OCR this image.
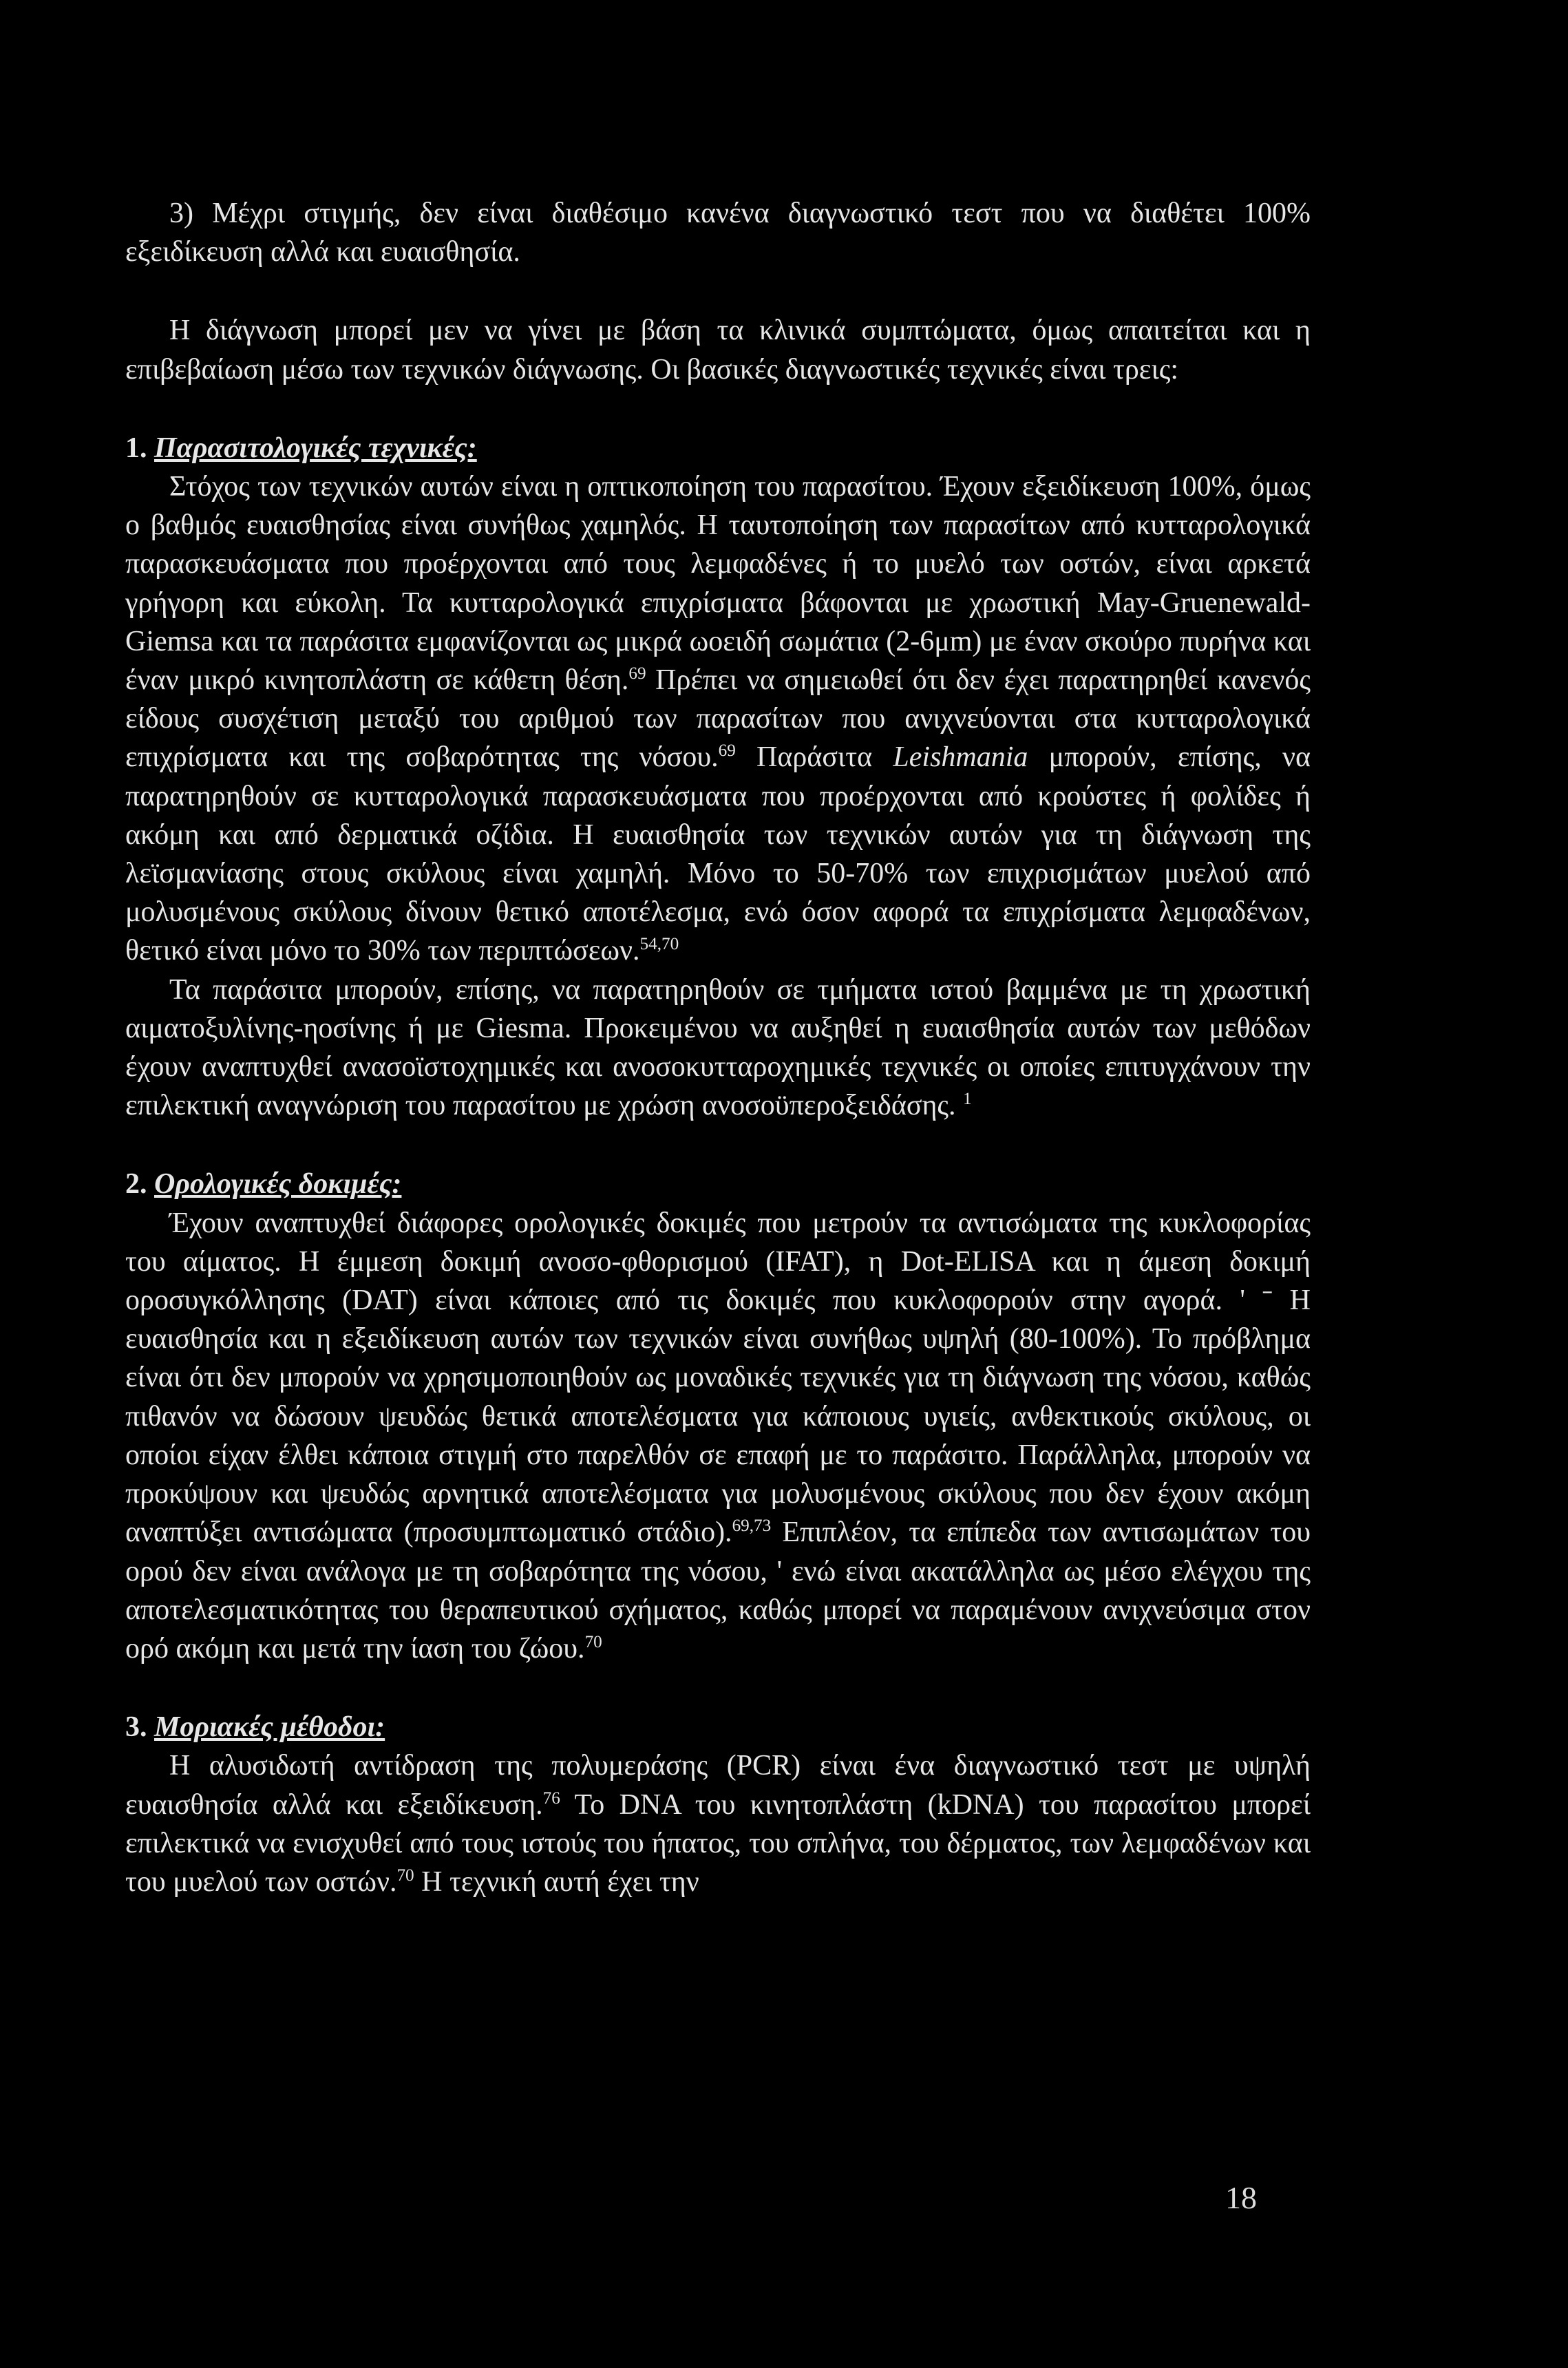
3) Μέχρι στιγμής, δεν είναι διαθέσιμο κανένα διαγνωστικό τεστ που να διαθέτει 100% εξειδίκευση αλλά και ευαισθησία.

Η διάγνωση μπορεί μεν να γίνει με βάση τα κλινικά συμπτώματα, όμως απαιτείται και η επιβεβαίωση μέσω των τεχνικών διάγνωσης. Οι βασικές διαγνωστικές τεχνικές είναι τρεις:

1. Παρασιτολογικές τεχνικές:

Στόχος των τεχνικών αυτών είναι η οπτικοποίηση του παρασίτου. Έχουν εξειδίκευση 100%, όμως ο βαθμός ευαισθησίας είναι συνήθως χαμηλός. Η ταυτοποίηση των παρασίτων από κυτταρολογικά παρασκευάσματα που προέρχονται από τους λεμφαδένες ή το μυελό των οστών, είναι αρκετά γρήγορη και εύκολη. Τα κυτταρολογικά επιχρίσματα βάφονται με χρωστική May-Gruenewald-Giemsa και τα παράσιτα εμφανίζονται ως μικρά ωοειδή σωμάτια (2-6μm) με έναν σκούρο πυρήνα και έναν μικρό κινητοπλάστη σε κάθετη θέση.$^{69}$ Πρέπει να σημειωθεί ότι δεν έχει παρατηρηθεί κανενός είδους συσχέτιση μεταξύ του αριθμού των παρασίτων που ανιχνεύονται στα κυτταρολογικά επιχρίσματα και της σοβαρότητας της νόσου.$^{69}$ Παράσιτα Leishmania μπορούν, επίσης, να παρατηρηθούν σε κυτταρολογικά παρασκευάσματα που προέρχονται από κρούστες ή φολίδες ή ακόμη και από δερματικά οζίδια. Η ευαισθησία των τεχνικών αυτών για τη διάγνωση της λεϊσμανίασης στους σκύλους είναι χαμηλή. Μόνο το 50-70% των επιχρισμάτων μυελού από μολυσμένους σκύλους δίνουν θετικό αποτέλεσμα, ενώ όσον αφορά τα επιχρίσματα λεμφαδένων, θετικό είναι μόνο το 30% των περιπτώσεων.$^{54,70}$

Τα παράσιτα μπορούν, επίσης, να παρατηρηθούν σε τμήματα ιστού βαμμένα με τη χρωστική αιματοξυλίνης-ηοσίνης ή με Giesma. Προκειμένου να αυξηθεί η ευαισθησία αυτών των μεθόδων έχουν αναπτυχθεί ανασοϊστοχημικές και ανοσοκυτταροχημικές τεχνικές οι οποίες επιτυγχάνουν την επιλεκτική αναγνώριση του παρασίτου με χρώση ανοσοϋπεροξειδάσης. $^1$

2. Ορολογικές δοκιμές:

Έχουν αναπτυχθεί διάφορες ορολογικές δοκιμές που μετρούν τα αντισώματα της κυκλοφορίας του αίματος. Η έμμεση δοκιμή ανοσο-φθορισμού (IFAT), η Dot-ELISA και η άμεση δοκιμή οροσυγκόλλησης (DAT) είναι κάποιες από τις δοκιμές που κυκλοφορούν στην αγορά. ' ˉ Η ευαισθησία και η εξειδίκευση αυτών των τεχνικών είναι συνήθως υψηλή (80-100%). Το πρόβλημα είναι ότι δεν μπορούν να χρησιμοποιηθούν ως μοναδικές τεχνικές για τη διάγνωση της νόσου, καθώς πιθανόν να δώσουν ψευδώς θετικά αποτελέσματα για κάποιους υγιείς, ανθεκτικούς σκύλους, οι οποίοι είχαν έλθει κάποια στιγμή στο παρελθόν σε επαφή με το παράσιτο. Παράλληλα, μπορούν να προκύψουν και ψευδώς αρνητικά αποτελέσματα για μολυσμένους σκύλους που δεν έχουν ακόμη αναπτύξει αντισώματα (προσυμπτωματικό στάδιο).$^{69,73}$ Επιπλέον, τα επίπεδα των αντισωμάτων του ορού δεν είναι ανάλογα με τη σοβαρότητα της νόσου, ' ενώ είναι ακατάλληλα ως μέσο ελέγχου της αποτελεσματικότητας του θεραπευτικού σχήματος, καθώς μπορεί να παραμένουν ανιχνεύσιμα στον ορό ακόμη και μετά την ίαση του ζώου.$^{70}$

3. Μοριακές μέθοδοι:

Η αλυσιδωτή αντίδραση της πολυμεράσης (PCR) είναι ένα διαγνωστικό τεστ με υψηλή ευαισθησία αλλά και εξειδίκευση.$^{76}$ Το DNA του κινητοπλάστη (kDNA) του παρασίτου μπορεί επιλεκτικά να ενισχυθεί από τους ιστούς του ήπατος, του σπλήνα, του δέρματος, των λεμφαδένων και του μυελού των οστών.$^{70}$ Η τεχνική αυτή έχει την

18
